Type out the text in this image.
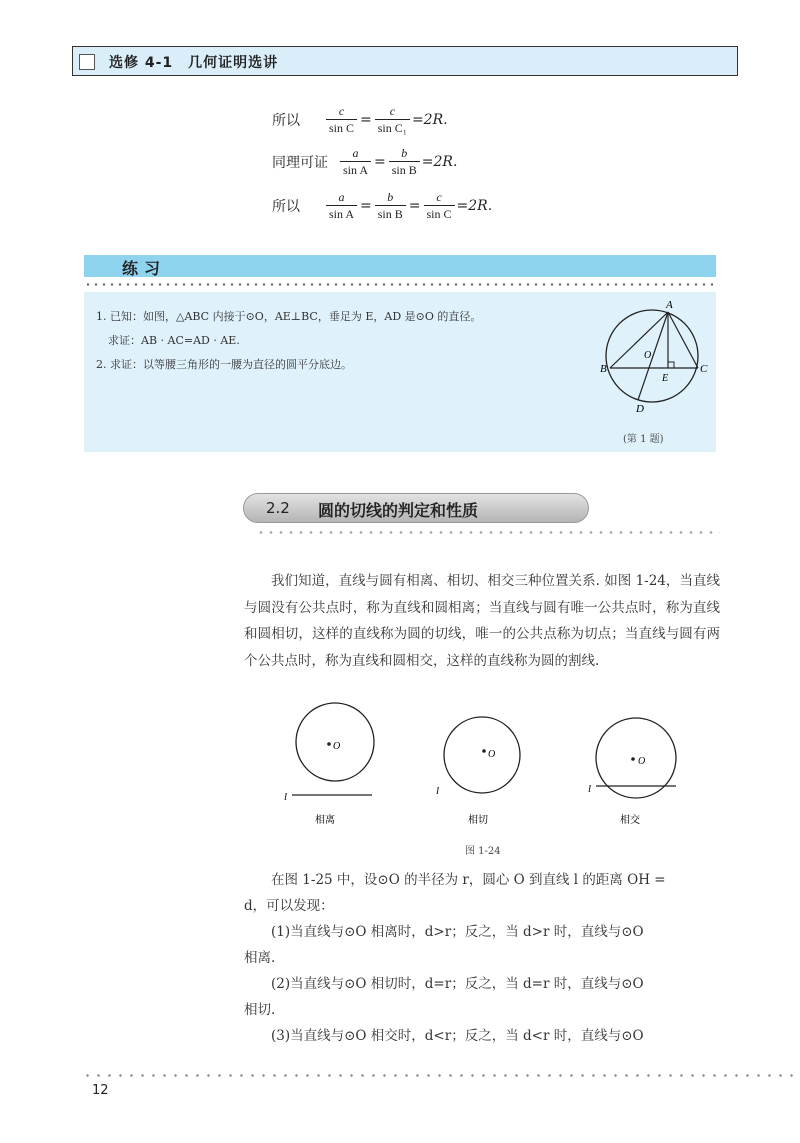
选修 4-1　几何证明选讲
所以	$\frac{c}{\text{sin C}} = \frac{c}{\text{sin C₁}} =2R$.
同理可证	$\frac{a}{\text{sin A}} = \frac{b}{\text{sin B}} =2R$.
所以	$\frac{a}{\text{sin A}} = \frac{b}{\text{sin B}} = \frac{c}{\text{sin C}} =2R$.
练习
1. 已知：如图，△ABC 内接于⊙O，AE⊥BC，垂足为 E，AD 是⊙O 的直径。
求证：AB · AC=AD · AE.
2. 求证：以等腰三角形的一腰为直径的圆平分底边。
A
B	C
D
E
O
(第 1 题)
2.2 圆的切线的判定和性质
我们知道，直线与圆有相离、相切、相交三种位置关系. 如图 1-24，当直线与圆没有公共点时，称为直线和圆相离；当直线与圆有唯一公共点时，称为直线和圆相切，这样的直线称为圆的切线，唯一的公共点称为切点；当直线与圆有两个公共点时，称为直线和圆相交，这样的直线称为圆的割线.
O
l
O
l
O
l
相离	相切	相交
图 1-24
在图 1-25 中，设⊙O 的半径为 r，圆心 O 到直线 l 的距离 OH =
d，可以发现：
(1)当直线与⊙O 相离时，d>r；反之，当 d>r 时，直线与⊙O
相离.
(2)当直线与⊙O 相切时，d=r；反之，当 d=r 时，直线与⊙O
相切.
(3)当直线与⊙O 相交时，d<r；反之，当 d<r 时，直线与⊙O
12
